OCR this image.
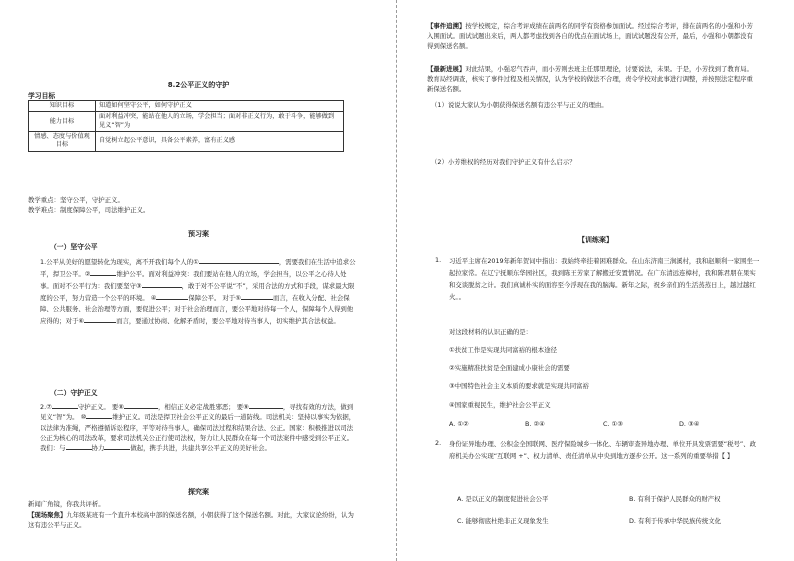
8.2公平正义的守护
学习目标
知识目标	知道如何坚守公平，如何守护正义
能力目标	面对利益冲突，能站在他人的立场，学会担当；面对非正义行为，敢于斗争，能够做到见义“智”为
情感、态度与价值观目标	自觉树立起公平意识，具备公平素养，富有正义感
教学重点：坚守公平，守护正义。
教学难点：制度保障公平，司法维护正义。
预习案
（一）坚守公平
1.公平从美好的愿望转化为现实，离不开我们每个人的①	，需要我们在生活中追求公平，捍卫公平。②	维护公平。面对利益冲突：我们要站在他人的立场，学会担当，以公平之心待人处事。面对不公平行为：我们要坚守③	，敢于对不公平说“不”，采用合法的方式和手段，谋求最大限度的公平，努力营造一个公平的环境。 ④	保障公平。 对于⑤	而言，在收入分配、社会保障、公共服务、社会治理等方面，要促进公平；对于社会治理而言，要公平地对待每一个人，保障每个人得到他应得的；对于⑥	而言，要通过协商、化解矛盾时，要公平地对待当事人，切实维护其合法权益。
（二）守护正义
2.⑦	守护正义。 要⑧	，相信正义必定战胜邪恶； 要⑨	，寻找有效的方法，做到见义“智”为。 ⑩	维护正义。司法是捍卫社会公平正义的最后一道防线。司法机关：坚持以事实为依据，以法律为准绳，严格遵循诉讼程序，平等对待当事人，确保司法过程和结果合法、公正。国家：积极推进以司法公正为核心的司法改革，要求司法机关公正行使司法权，努力让人民群众在每一个司法案件中感受到公平正义。我们：与	协力	做起，携手共进，共建共享公平正义的美好社会。
探究案
新闻广角镜，你我共评析。
【现场聚焦】九年级某班有一个直升本校高中部的保送名额，小朝获得了这个保送名额。对此，大家议论纷纷，认为这有违公平与正义。
【事件追溯】按学校规定，综合考评成绩在前两名的同学有资格参加面试。经过综合考评，排在前两名的小强和小芳入围面试。面试试题出来后，两人都考虑找到各自的优点在面试场上，面试试题没有公开，最后，小强和小朝都没有得到保送名额。
【最新进展】对此结果，小强忍气吞声，而小芳则去班主任那里理论，讨要说法，未果。于是，小芳找到了教育局。教育局经调查，核实了事件过程及相关情况，认为学校的做法不合理，责令学校对此事进行调整，并按照法定程序重新保送名额。
（1）说说大家认为小朝获得保送名额有违公平与正义的理由。
（2）小芳维权的经历对我们守护正义有什么启示？
【训练案】
1. 习近平主席在2019年新年贺词中指出：我始终牵挂着困难群众。在山东济南三涧溪村，我和赵顺利一家围坐一起拉家常。在辽宁抚顺东华园社区，我到陈王芳家了解搬迁安置情况。在广东清远连樟村，我和陈君朋在果实和交谈脱贫之计。我们真诚朴实的面容至今浮现在我的脑海。新年之际，祝乡亲们的生活蒸蒸日上，越过越红火。。
对这段材料的认识正确的是：
①扶贫工作是实现共同富裕的根本途径
②实施精准扶贫是全面建成小康社会的需要
③中国特色社会主义本质的要求就是实现共同富裕
④国家重视民生，维护社会公平正义
A. ①②	B. ②④	C. ①③	D. ③④
2. 身份证异地办理、公积金全国联网、医疗保险城乡一体化、车辆审查异地办理、单位开具发票需要“税号”、政府机关办公实现“互联网 +”、权力清单、责任清单从中央到地方逐步公开。这一系列的重要举措【 】
A. 是以正义的制度促进社会公平	B. 有利于保护人民群众的财产权
C. 能够彻底杜绝非正义现象发生	D. 有利于传承中华民族传统文化
